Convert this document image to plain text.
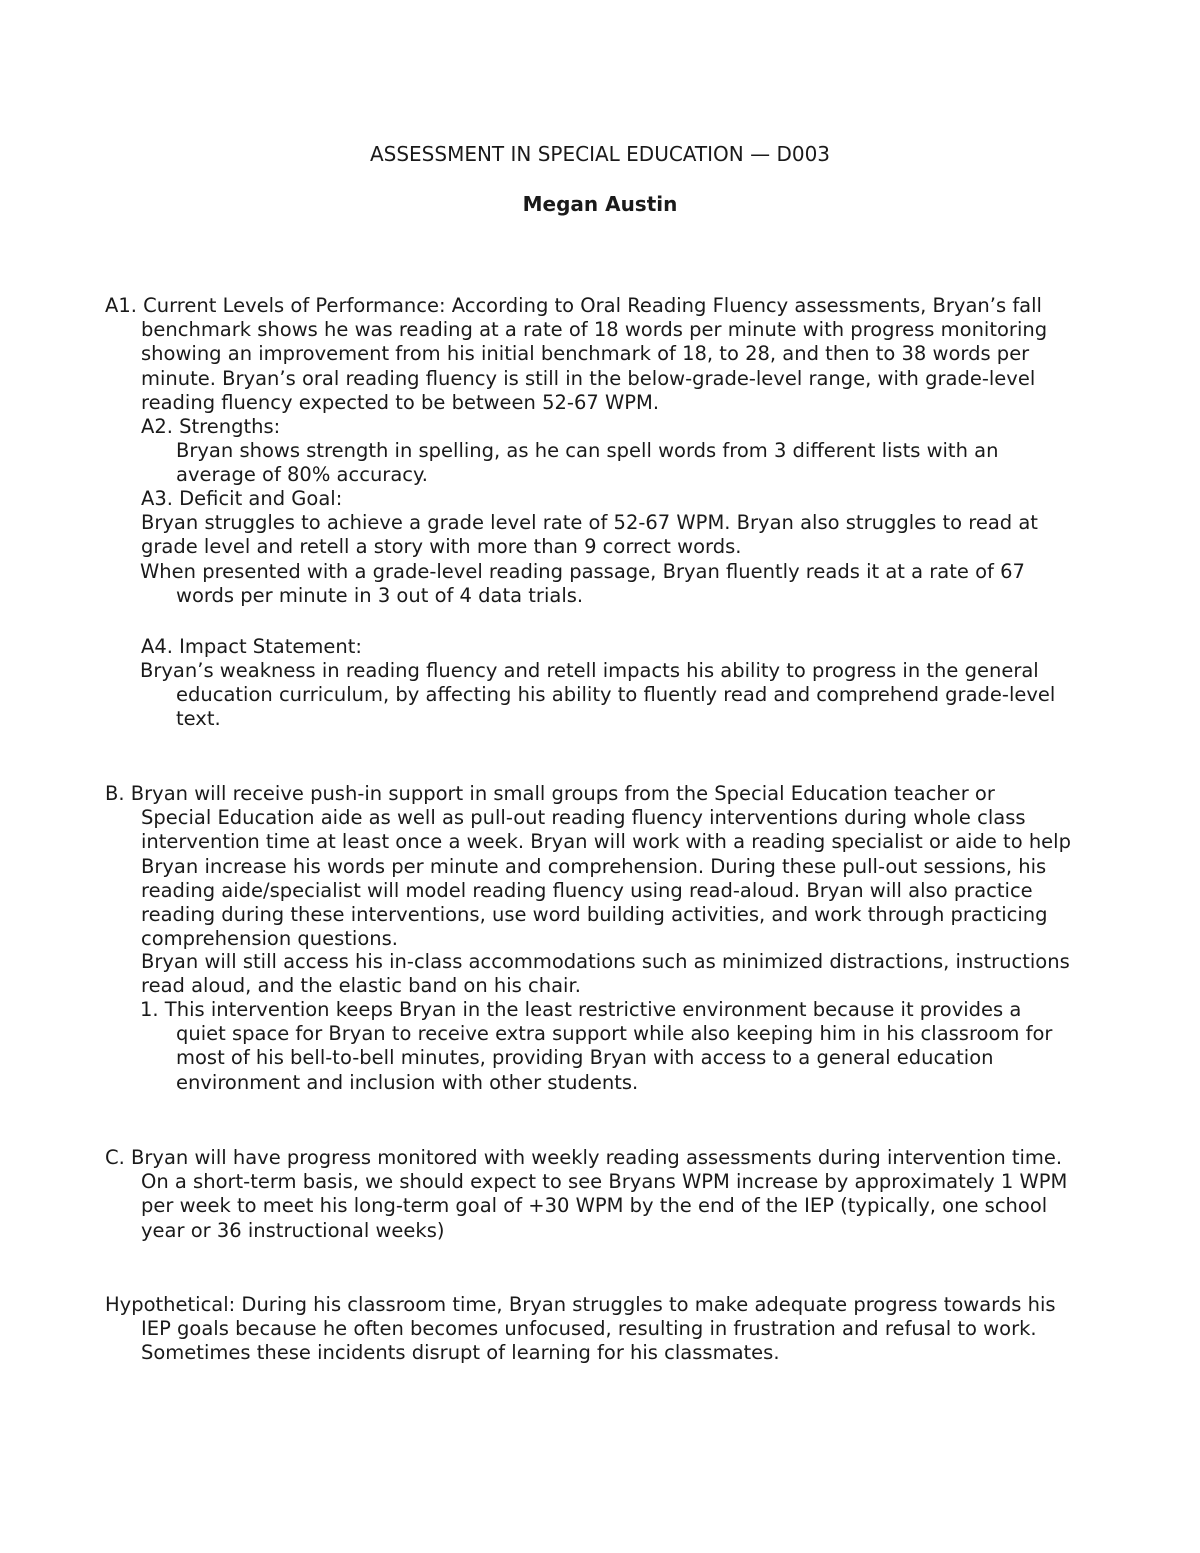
ASSESSMENT IN SPECIAL EDUCATION — D003
Megan Austin

A1. Current Levels of Performance: According to Oral Reading Fluency assessments, Bryan’s fall benchmark shows he was reading at a rate of 18 words per minute with progress monitoring showing an improvement from his initial benchmark of 18, to 28, and then to 38 words per minute. Bryan’s oral reading fluency is still in the below-grade-level range, with grade-level reading fluency expected to be between 52-67 WPM.

A2. Strengths:

Bryan shows strength in spelling, as he can spell words from 3 different lists with an average of 80% accuracy.

A3. Deficit and Goal:

Bryan struggles to achieve a grade level rate of 52-67 WPM. Bryan also struggles to read at grade level and retell a story with more than 9 correct words.

When presented with a grade-level reading passage, Bryan fluently reads it at a rate of 67 words per minute in 3 out of 4 data trials.

A4. Impact Statement:

Bryan’s weakness in reading fluency and retell impacts his ability to progress in the general education curriculum, by affecting his ability to fluently read and comprehend grade-level text.

B. Bryan will receive push-in support in small groups from the Special Education teacher or Special Education aide as well as pull-out reading fluency interventions during whole class intervention time at least once a week. Bryan will work with a reading specialist or aide to help Bryan increase his words per minute and comprehension. During these pull-out sessions, his reading aide/specialist will model reading fluency using read-aloud. Bryan will also practice reading during these interventions, use word building activities, and work through practicing comprehension questions.

Bryan will still access his in-class accommodations such as minimized distractions, instructions read aloud, and the elastic band on his chair.

1. This intervention keeps Bryan in the least restrictive environment because it provides a quiet space for Bryan to receive extra support while also keeping him in his classroom for most of his bell-to-bell minutes, providing Bryan with access to a general education environment and inclusion with other students.

C. Bryan will have progress monitored with weekly reading assessments during intervention time. On a short-term basis, we should expect to see Bryans WPM increase by approximately 1 WPM per week to meet his long-term goal of +30 WPM by the end of the IEP (typically, one school year or 36 instructional weeks)

Hypothetical: During his classroom time, Bryan struggles to make adequate progress towards his IEP goals because he often becomes unfocused, resulting in frustration and refusal to work. Sometimes these incidents disrupt of learning for his classmates.
